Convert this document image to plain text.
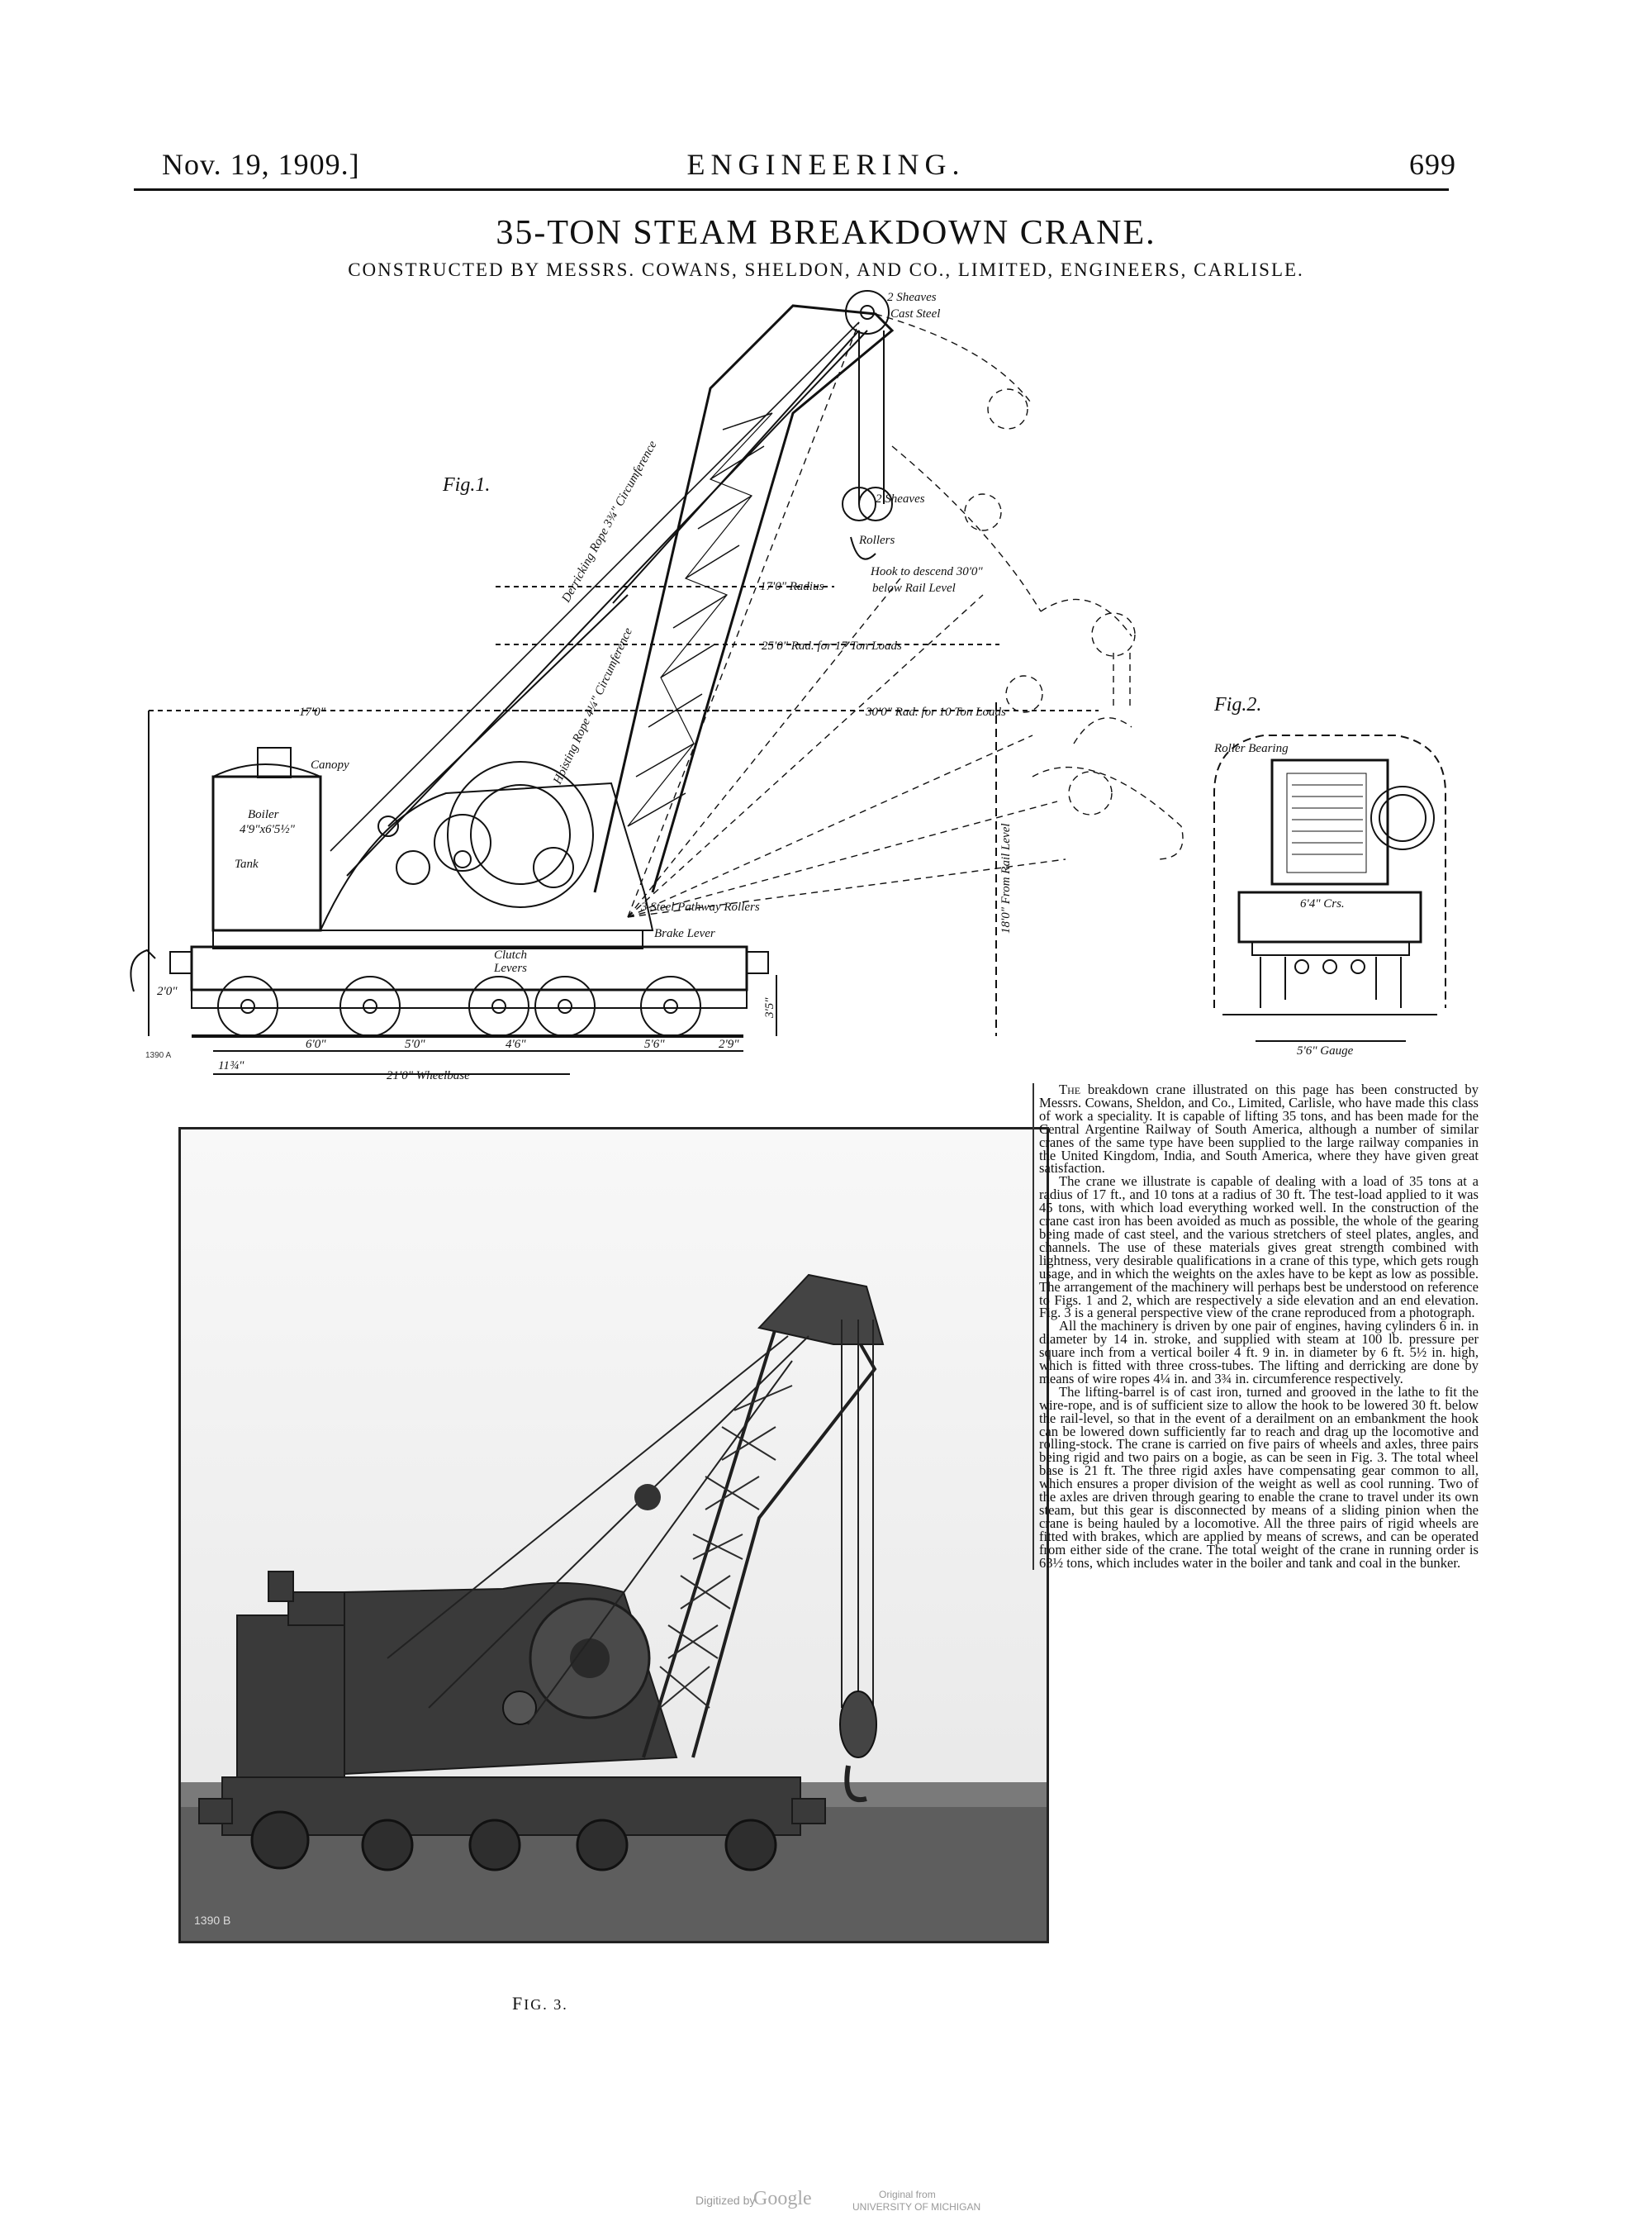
Nov. 19, 1909.]	ENGINEERING.	699
35-TON STEAM BREAKDOWN CRANE.
CONSTRUCTED BY MESSRS. COWANS, SHELDON, AND CO., LIMITED, ENGINEERS, CARLISLE.
Fig.1.
2 Sheaves
Cast Steel
Derricking Rope 3¾" Circumference
Hoisting Rope 4¼" Circumference
2 Sheaves
Rollers
Hook to descend 30'0"
below Rail Level
17'0" Radius
25'0" Rad. for 17 Ton Loads
30'0" Rad. for 10 Ton Loads
17'0"
Canopy
Boiler
4'9"x6'5½"
Tank
3 Steel Pathway Rollers
Brake Lever
Clutch
Levers
18'0" From Rail Level
3'5"
2'0"
11¾"
6'0"	5'0"	4'6"	5'6"	2'9"
21'0" Wheelbase
1390 A
Fig.2.
Roller Bearing
6'4" Crs.
5'6" Gauge
1390 B
FIG. 3.

The breakdown crane illustrated on this page has been constructed by Messrs. Cowans, Sheldon, and Co., Limited, Carlisle, who have made this class of work a speciality. It is capable of lifting 35 tons, and has been made for the Central Argentine Railway of South America, although a number of similar cranes of the same type have been supplied to the large railway companies in the United Kingdom, India, and South America, where they have given great satisfaction.

The crane we illustrate is capable of dealing with a load of 35 tons at a radius of 17 ft., and 10 tons at a radius of 30 ft. The test-load applied to it was 45 tons, with which load everything worked well. In the construction of the crane cast iron has been avoided as much as possible, the whole of the gearing being made of cast steel, and the various stretchers of steel plates, angles, and channels. The use of these materials gives great strength combined with lightness, very desirable qualifications in a crane of this type, which gets rough usage, and in which the weights on the axles have to be kept as low as possible. The arrangement of the machinery will perhaps best be understood on reference to Figs. 1 and 2, which are respectively a side elevation and an end elevation. Fig. 3 is a general perspective view of the crane reproduced from a photograph.

All the machinery is driven by one pair of engines, having cylinders 6 in. in diameter by 14 in. stroke, and supplied with steam at 100 lb. pressure per square inch from a vertical boiler 4 ft. 9 in. in diameter by 6 ft. 5½ in. high, which is fitted with three cross-tubes. The lifting and derricking are done by means of wire ropes 4¼ in. and 3¾ in. circumference respectively.

The lifting-barrel is of cast iron, turned and grooved in the lathe to fit the wire-rope, and is of sufficient size to allow the hook to be lowered 30 ft. below the rail-level, so that in the event of a derailment on an embankment the hook can be lowered down sufficiently far to reach and drag up the locomotive and rolling-stock. The crane is carried on five pairs of wheels and axles, three pairs being rigid and two pairs on a bogie, as can be seen in Fig. 3. The total wheel base is 21 ft. The three rigid axles have compensating gear common to all, which ensures a proper division of the weight as well as cool running. Two of the axles are driven through gearing to enable the crane to travel under its own steam, but this gear is disconnected by means of a sliding pinion when the crane is being hauled by a locomotive. All the three pairs of rigid wheels are fitted with brakes, which are applied by means of screws, and can be operated from either side of the crane. The total weight of the crane in running order is 63½ tons, which includes water in the boiler and tank and coal in the bunker.

Digitized by
Google	Original from
UNIVERSITY OF MICHIGAN
